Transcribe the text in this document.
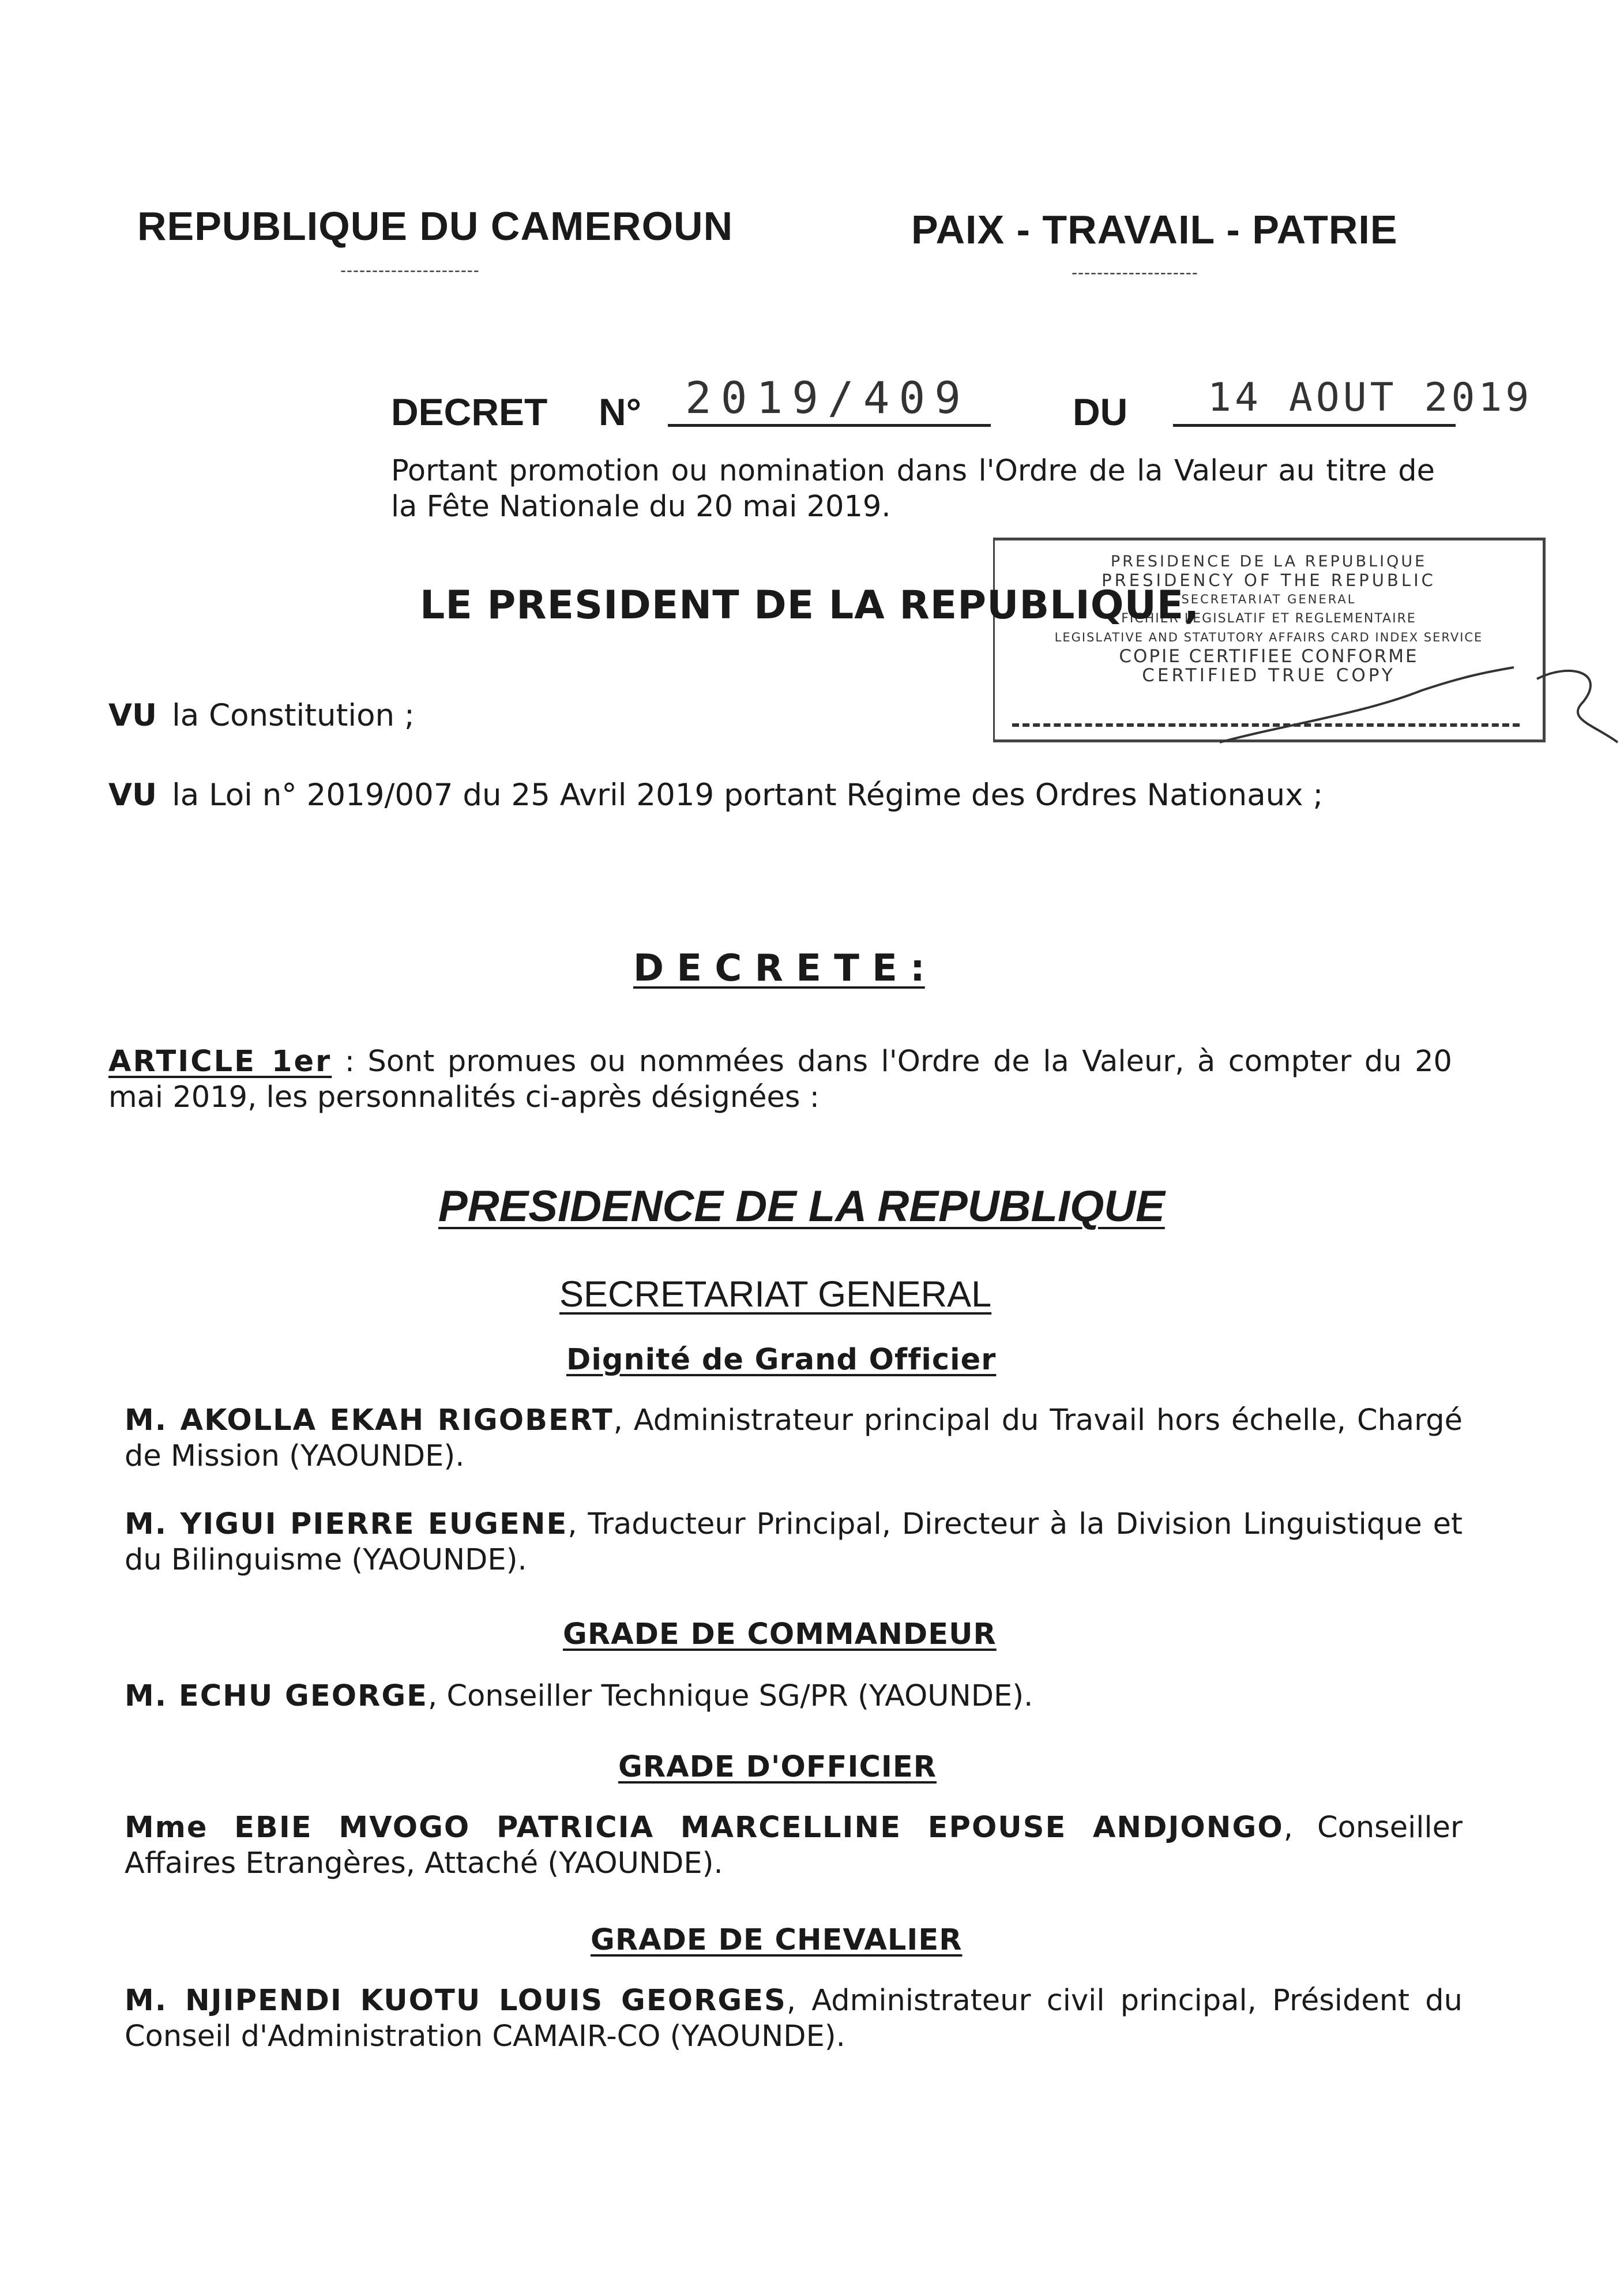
REPUBLIQUE DU CAMEROUN
----------------------
PAIX - TRAVAIL - PATRIE
--------------------
DECRET N° 2019/409	DU	14 AOUT 2019
Portant promotion ou nomination dans l'Ordre de la Valeur au titre de la Fête Nationale du 20 mai 2019.
PRESIDENCE DE LA REPUBLIQUE
PRESIDENCY OF THE REPUBLIC
SECRETARIAT GENERAL
FICHIER LEGISLATIF ET REGLEMENTAIRE
LEGISLATIVE AND STATUTORY AFFAIRS CARD INDEX SERVICE
COPIE CERTIFIEE CONFORME
CERTIFIED TRUE COPY
LE PRESIDENT DE LA REPUBLIQUE,
VU la Constitution ;
VU la Loi n° 2019/007 du 25 Avril 2019 portant Régime des Ordres Nationaux ;
D E C R E T E :
ARTICLE 1er : Sont promues ou nommées dans l'Ordre de la Valeur, à compter du 20 mai 2019, les personnalités ci-après désignées :
PRESIDENCE DE LA REPUBLIQUE
SECRETARIAT GENERAL
Dignité de Grand Officier
M. AKOLLA EKAH RIGOBERT, Administrateur principal du Travail hors échelle, Chargé de Mission (YAOUNDE).
M. YIGUI PIERRE EUGENE, Traducteur Principal, Directeur à la Division Linguistique et du Bilinguisme (YAOUNDE).
GRADE DE COMMANDEUR
M. ECHU GEORGE, Conseiller Technique SG/PR (YAOUNDE).
GRADE D'OFFICIER
Mme EBIE MVOGO PATRICIA MARCELLINE EPOUSE ANDJONGO, Conseiller Affaires Etrangères, Attaché (YAOUNDE).
GRADE DE CHEVALIER
M. NJIPENDI KUOTU LOUIS GEORGES, Administrateur civil principal, Président du Conseil d'Administration CAMAIR-CO (YAOUNDE).
